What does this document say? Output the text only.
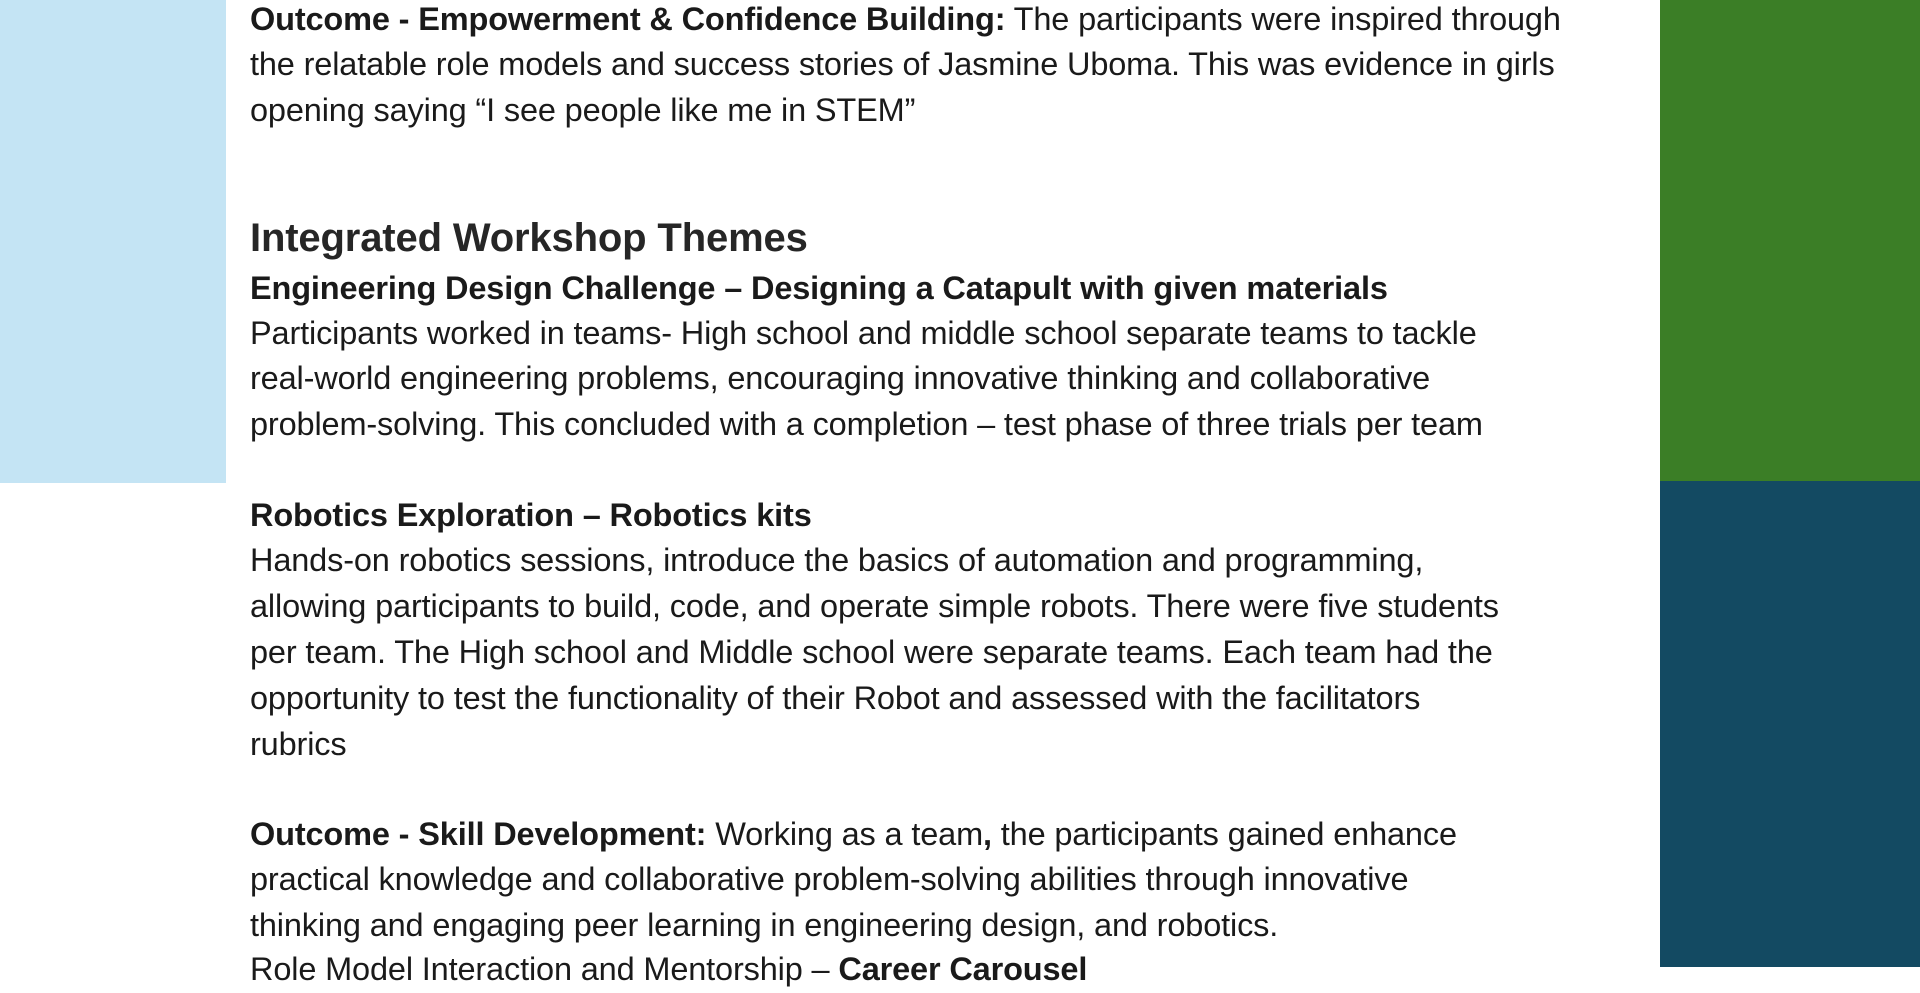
Outcome - Empowerment & Confidence Building: The participants were inspired through
the relatable role models and success stories of Jasmine Uboma. This was evidence in girls
opening saying “I see people like me in STEM”
Integrated Workshop Themes
Engineering Design Challenge – Designing a Catapult with given materials
Participants worked in teams- High school and middle school separate teams to tackle
real-world engineering problems, encouraging innovative thinking and collaborative
problem-solving. This concluded with a completion – test phase of three trials per team
Robotics Exploration – Robotics kits
Hands-on robotics sessions, introduce the basics of automation and programming,
allowing participants to build, code, and operate simple robots. There were five students
per team. The High school and Middle school were separate teams. Each team had the
opportunity to test the functionality of their Robot and assessed with the facilitators
rubrics
Outcome - Skill Development: Working as a team, the participants gained enhance
practical knowledge and collaborative problem-solving abilities through innovative
thinking and engaging peer learning in engineering design, and robotics.
Role Model Interaction and Mentorship – Career Carousel
